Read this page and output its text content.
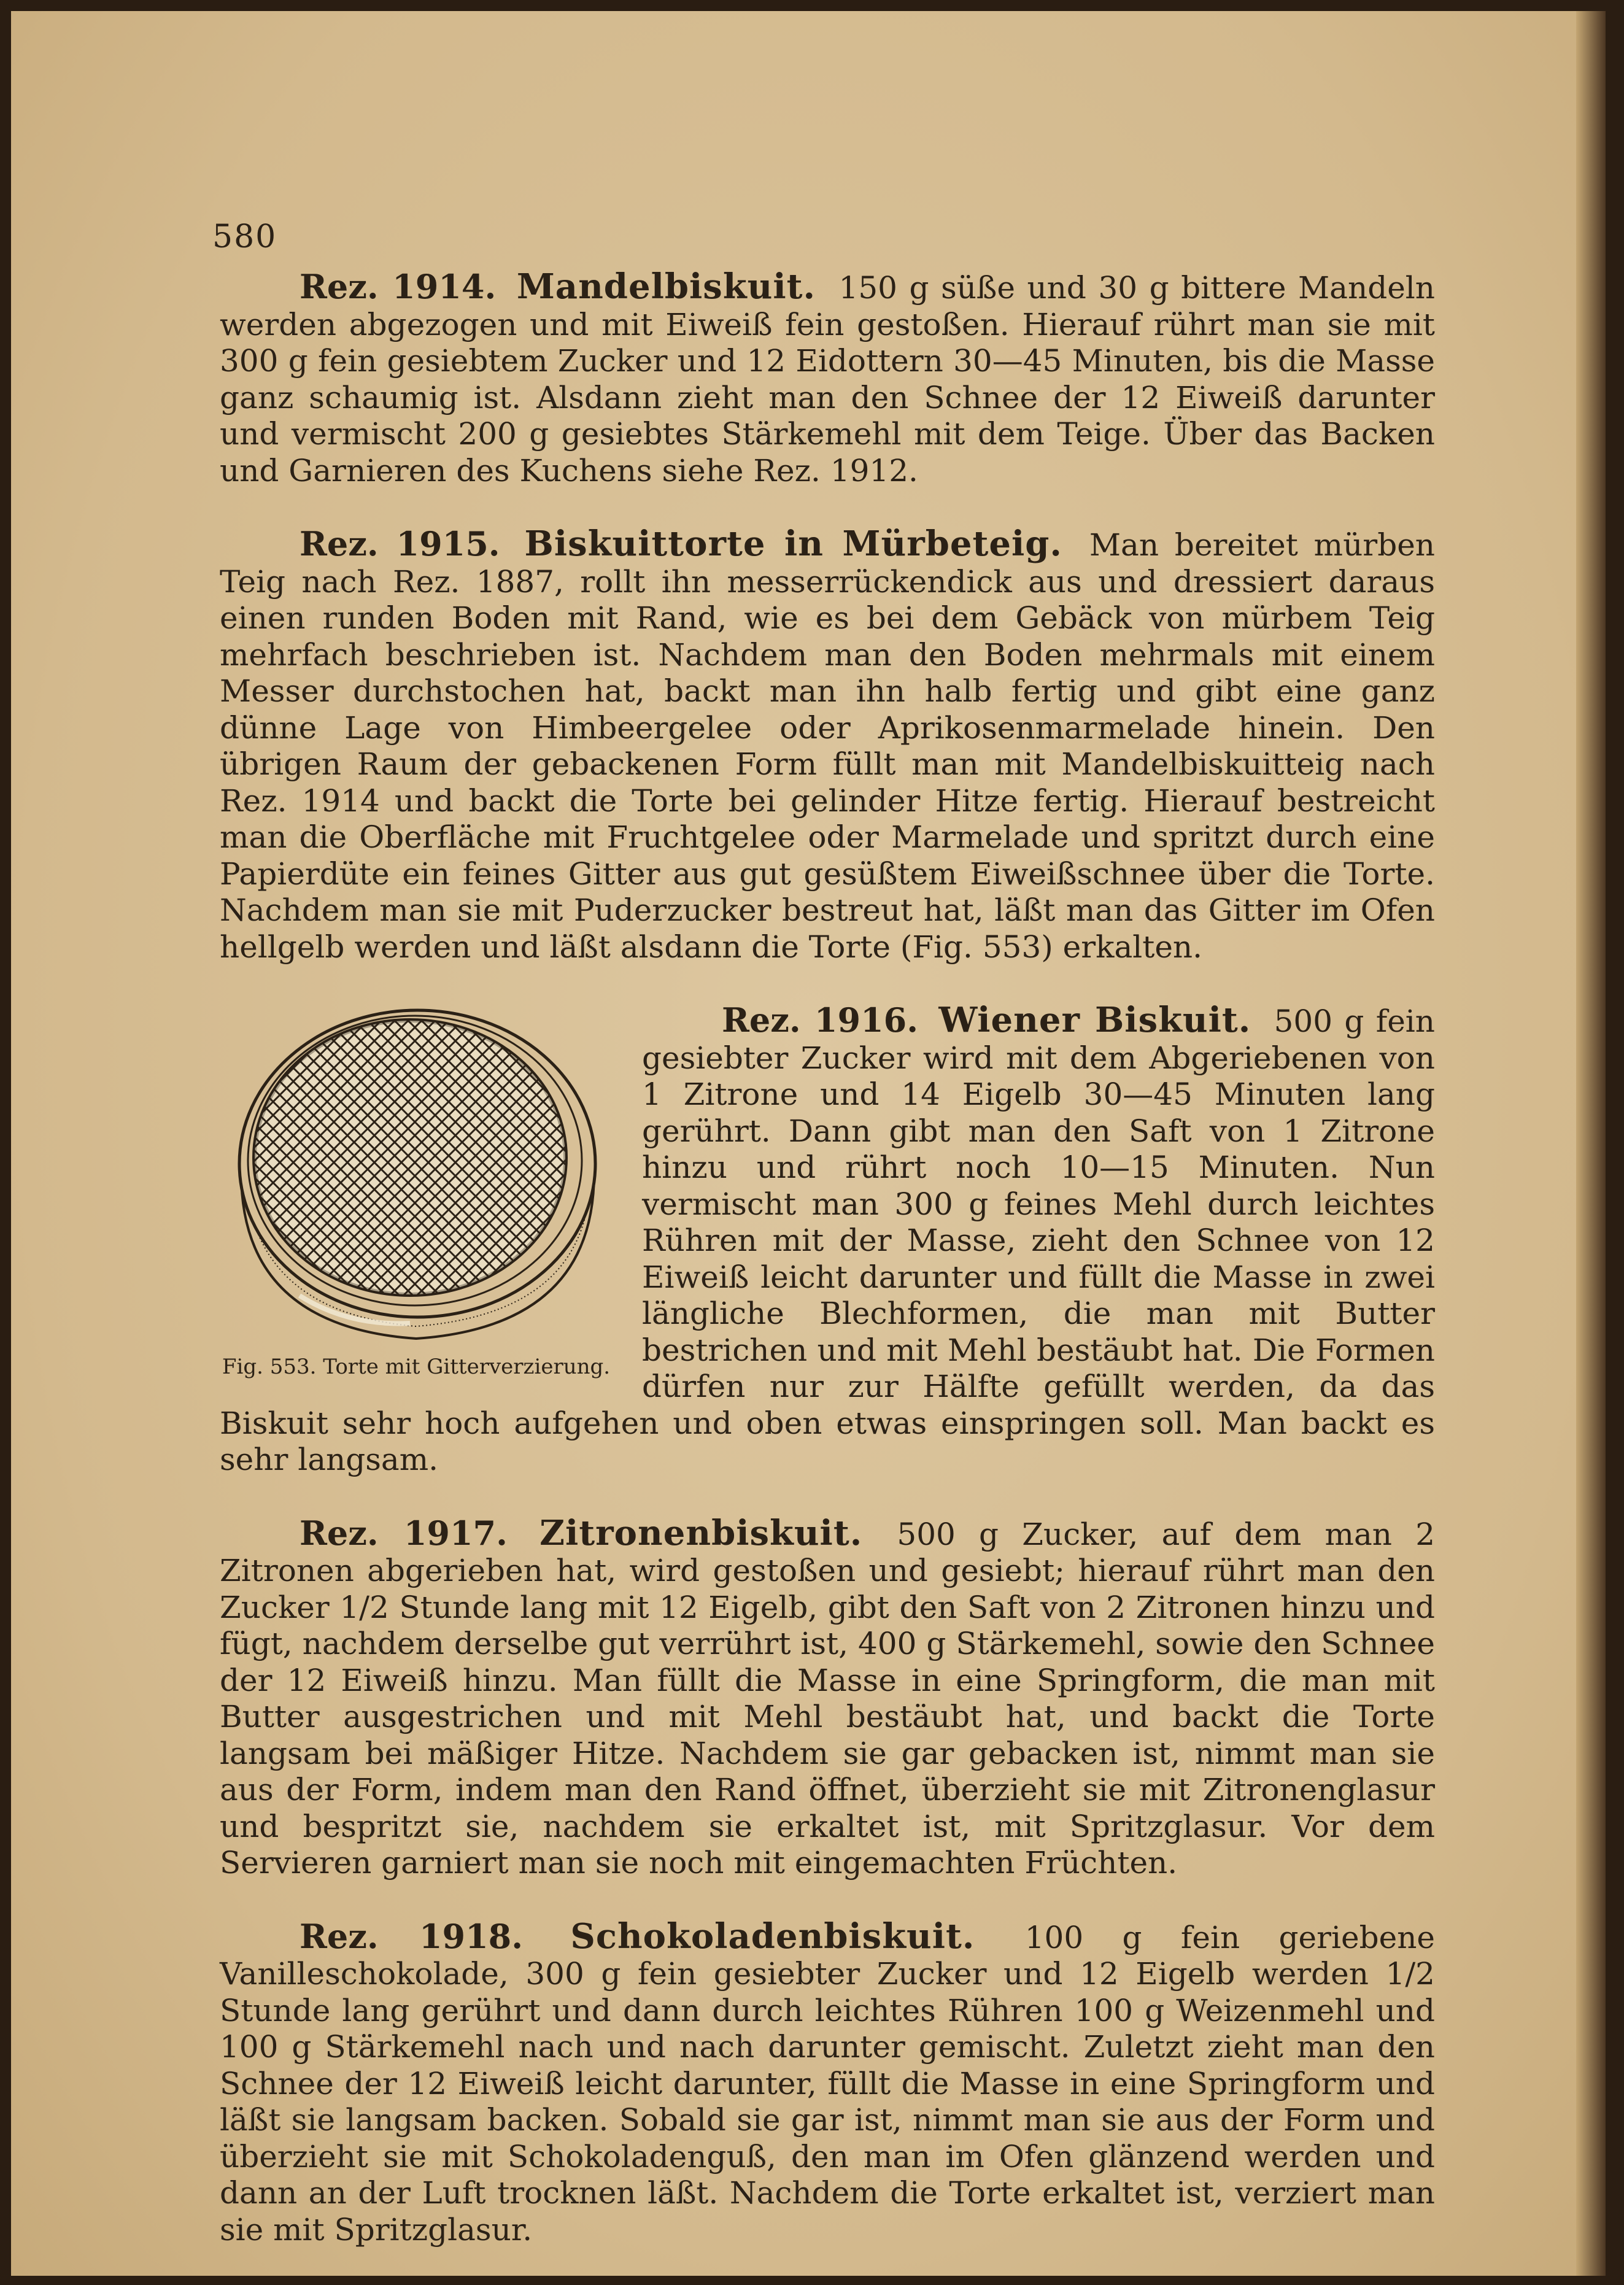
580

Rez. 1914. Mandelbiskuit. 150 g süße und 30 g bittere Mandeln werden abgezogen und mit Eiweiß fein gestoßen. Hierauf rührt man sie mit 300 g fein gesiebtem Zucker und 12 Eidottern 30—45 Minuten, bis die Masse ganz schaumig ist. Alsdann zieht man den Schnee der 12 Eiweiß darunter und vermischt 200 g gesiebtes Stärkemehl mit dem Teige. Über das Backen und Garnieren des Kuchens siehe Rez. 1912.

Rez. 1915. Biskuittorte in Mürbeteig. Man bereitet mürben Teig nach Rez. 1887, rollt ihn messerrückendick aus und dressiert daraus einen runden Boden mit Rand, wie es bei dem Gebäck von mürbem Teig mehrfach beschrieben ist. Nachdem man den Boden mehrmals mit einem Messer durchstochen hat, backt man ihn halb fertig und gibt eine ganz dünne Lage von Himbeergelee oder Aprikosenmarmelade hinein. Den übrigen Raum der gebackenen Form füllt man mit Mandelbiskuitteig nach Rez. 1914 und backt die Torte bei gelinder Hitze fertig. Hierauf bestreicht man die Oberfläche mit Fruchtgelee oder Marmelade und spritzt durch eine Papierdüte ein feines Gitter aus gut gesüßtem Eiweißschnee über die Torte. Nachdem man sie mit Puderzucker bestreut hat, läßt man das Gitter im Ofen hellgelb werden und läßt alsdann die Torte (Fig. 553) erkalten.

Fig. 553. Torte mit Gitterverzierung.

Rez. 1916. Wiener Biskuit. 500 g fein gesiebter Zucker wird mit dem Abgeriebenen von 1 Zitrone und 14 Eigelb 30—45 Minuten lang gerührt. Dann gibt man den Saft von 1 Zitrone hinzu und rührt noch 10—15 Minuten. Nun vermischt man 300 g feines Mehl durch leichtes Rühren mit der Masse, zieht den Schnee von 12 Eiweiß leicht darunter und füllt die Masse in zwei längliche Blechformen, die man mit Butter bestrichen und mit Mehl bestäubt hat. Die Formen dürfen nur zur Hälfte gefüllt werden, da das Biskuit sehr hoch aufgehen und oben etwas einspringen soll. Man backt es sehr langsam.

Rez. 1917. Zitronenbiskuit. 500 g Zucker, auf dem man 2 Zitronen abgerieben hat, wird gestoßen und gesiebt; hierauf rührt man den Zucker 1/2 Stunde lang mit 12 Eigelb, gibt den Saft von 2 Zitronen hinzu und fügt, nachdem derselbe gut verrührt ist, 400 g Stärkemehl, sowie den Schnee der 12 Eiweiß hinzu. Man füllt die Masse in eine Springform, die man mit Butter ausgestrichen und mit Mehl bestäubt hat, und backt die Torte langsam bei mäßiger Hitze. Nachdem sie gar gebacken ist, nimmt man sie aus der Form, indem man den Rand öffnet, überzieht sie mit Zitronenglasur und bespritzt sie, nachdem sie erkaltet ist, mit Spritzglasur. Vor dem Servieren garniert man sie noch mit eingemachten Früchten.

Rez. 1918. Schokoladenbiskuit. 100 g fein geriebene Vanilleschokolade, 300 g fein gesiebter Zucker und 12 Eigelb werden 1/2 Stunde lang gerührt und dann durch leichtes Rühren 100 g Weizenmehl und 100 g Stärkemehl nach und nach darunter gemischt. Zuletzt zieht man den Schnee der 12 Eiweiß leicht darunter, füllt die Masse in eine Springform und läßt sie langsam backen. Sobald sie gar ist, nimmt man sie aus der Form und überzieht sie mit Schokoladenguß, den man im Ofen glänzend werden und dann an der Luft trocknen läßt. Nachdem die Torte erkaltet ist, verziert man sie mit Spritzglasur.
